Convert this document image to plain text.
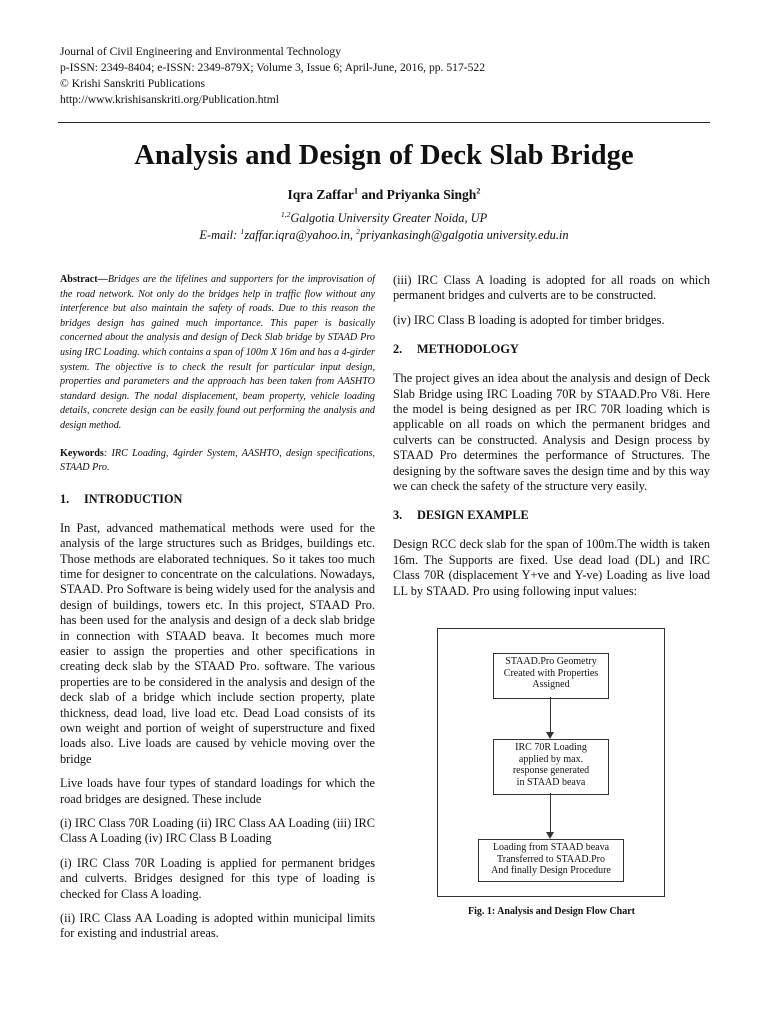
Journal of Civil Engineering and Environmental Technology
p-ISSN: 2349-8404; e-ISSN: 2349-879X; Volume 3, Issue 6; April-June, 2016, pp. 517-522
© Krishi Sanskriti Publications
http://www.krishisanskriti.org/Publication.html
Analysis and Design of Deck Slab Bridge
Iqra Zaffar$^1$ and Priyanka Singh$^2$
$^{1,2}$Galgotia University Greater Noida, UP
E-mail: $^1$zaffar.iqra@yahoo.in, $^2$priyankasingh@galgotia university.edu.in

Abstract—Bridges are the lifelines and supporters for the improvisation of the road network. Not only do the bridges help in traffic flow without any interference but also maintain the safety of roads. Due to this reason the bridges design has gained much importance. This paper is basically concerned about the analysis and design of Deck Slab bridge by STAAD Pro using IRC Loading. which contains a span of 100m X 16m and has a 4-girder system. The objective is to check the result for particular input design, properties and parameters and the approach has been taken from AASHTO standard design. The nodal displacement, beam property, vehicle loading details, concrete design can be easily found out performing the analysis and design method.

Keywords: IRC Loading, 4girder System, AASHTO, design specifications, STAAD Pro.

1. INTRODUCTION

In Past, advanced mathematical methods were used for the analysis of the large structures such as Bridges, buildings etc. Those methods are elaborated techniques. So it takes too much time for designer to concentrate on the calculations. Nowadays, STAAD. Pro Software is being widely used for the analysis and design of buildings, towers etc. In this project, STAAD Pro. has been used for the analysis and design of a deck slab bridge in connection with STAAD beava. It becomes much more easier to assign the properties and other specifications in creating deck slab by the STAAD Pro. software. The various properties are to be considered in the analysis and design of the deck slab of a bridge which include section property, plate thickness, dead load, live load etc. Dead Load consists of its own weight and portion of weight of superstructure and fixed loads also. Live loads are caused by vehicle moving over the bridge

Live loads have four types of standard loadings for which the road bridges are designed. These include

(i) IRC Class 70R Loading (ii) IRC Class AA Loading (iii) IRC Class A Loading (iv) IRC Class B Loading

(i) IRC Class 70R Loading is applied for permanent bridges and culverts. Bridges designed for this type of loading is checked for Class A loading.

(ii) IRC Class AA Loading is adopted within municipal limits for existing and industrial areas.

(iii) IRC Class A loading is adopted for all roads on which permanent bridges and culverts are to be constructed.

(iv) IRC Class B loading is adopted for timber bridges.

2. METHODOLOGY

The project gives an idea about the analysis and design of Deck Slab Bridge using IRC Loading 70R by STAAD.Pro V8i. Here the model is being designed as per IRC 70R loading which is applicable on all roads on which the permanent bridges and culverts can be constructed. Analysis and Design process by STAAD Pro determines the performance of Structures. The designing by the software saves the design time and by this way we can check the safety of the structure very easily.

3. DESIGN EXAMPLE

Design RCC deck slab for the span of 100m.The width is taken 16m. The Supports are fixed. Use dead load (DL) and IRC Class 70R (displacement Y+ve and Y-ve) Loading as live load LL by STAAD. Pro using following input values:

STAAD.Pro Geometry
Created with Properties
Assigned
IRC 70R Loading
applied by max.
response generated
in STAAD beava
Loading from STAAD beava
Transferred to STAAD.Pro
And finally Design Procedure
Fig. 1: Analysis and Design Flow Chart
